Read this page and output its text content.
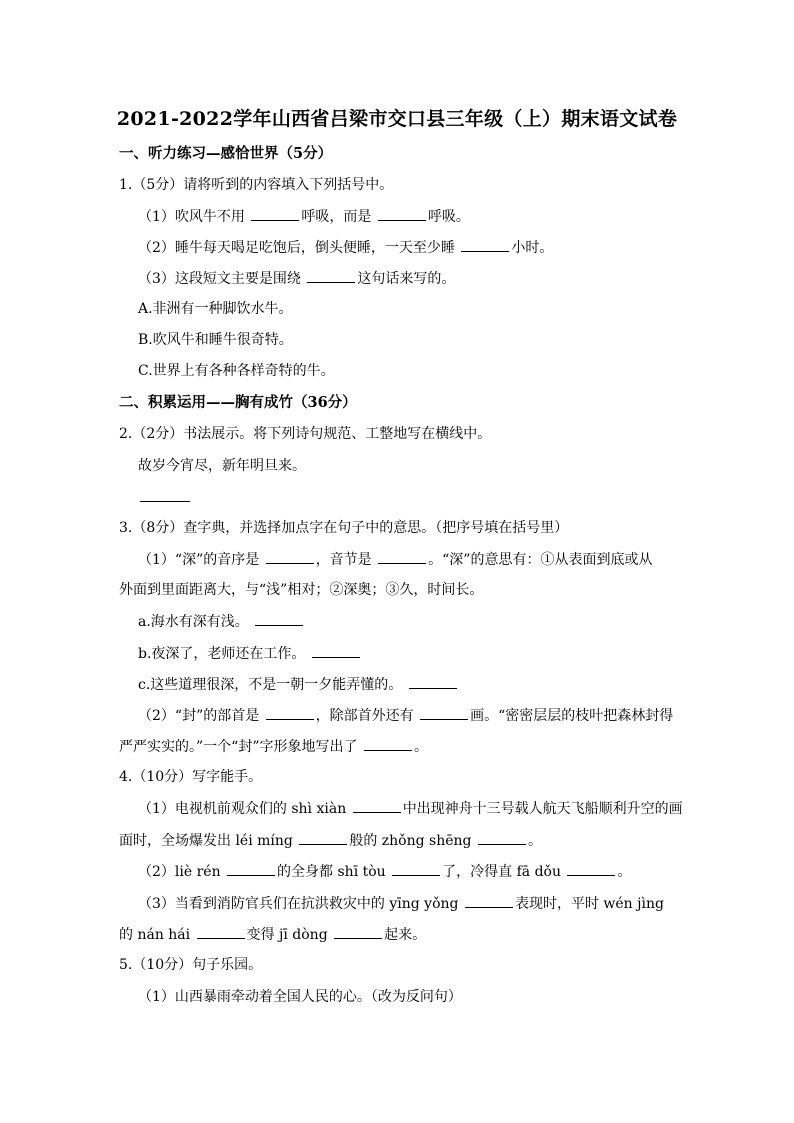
2021-2022学年山西省吕梁市交口县三年级（上）期末语文试卷
一、听力练习—感恰世界（5分）
1.（5分）请将听到的内容填入下列括号中。
（1）吹风牛不用	呼吸，而是	呼吸。
（2）睡牛每天喝足吃饱后，倒头便睡，一天至少睡	小时。
（3）这段短文主要是围绕	这句话来写的。
A.非洲有一种脚饮水牛。
B.吹风牛和睡牛很奇特。
C.世界上有各种各样奇特的牛。
二、积累运用——胸有成竹（36分）
2.（2分）书法展示。将下列诗句规范、工整地写在横线中。
故岁今宵尽，新年明旦来。
3.（8分）查字典，并选择加点字在句子中的意思。（把序号填在括号里）
（1）“深”的音序是	，音节是	。“深”的意思有：①从表面到底或从
外面到里面距离大，与“浅”相对；②深奥；③久，时间长。
a.海水有深有浅。
b.夜深了，老师还在工作。
c.这些道理很深，不是一朝一夕能弄懂的。
（2）“封”的部首是	，除部首外还有	画。“密密层层的枝叶把森林封得
严严实实的。”一个“封”字形象地写出了	。
4.（10分）写字能手。
（1）电视机前观众们的 shì xiàn	中出现神舟十三号载人航天飞船顺利升空的画
面时，全场爆发出 léi míng	般的 zhǒng shēng	。
（2）liè rén	的全身都 shī tòu	了，冷得直 fā dǒu	。
（3）当看到消防官兵们在抗洪救灾中的 yīng yǒng	表现时，平时 wén jìng
的 nán hái	变得 jī dòng	起来。
5.（10分）句子乐园。
（1）山西暴雨牵动着全国人民的心。（改为反问句）
